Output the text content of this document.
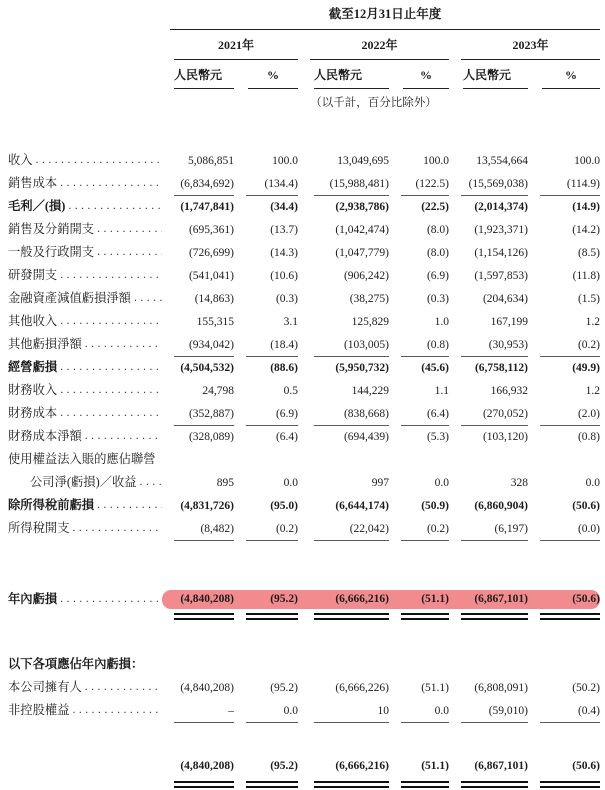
截至12月31日止年度
2021年	2022年	2023年
人民幣元	%	人民幣元	%	人民幣元	%
（以千計，百分比除外）
收入 .....	5,086,851	100.0	13,049,695	100.0	13,554,664	100.0
銷售成本 .....	(6,834,692)	(134.4)	(15,988,481)	(122.5)	(15,569,038)	(114.9)
毛利／(損) .....	(1,747,841)	(34.4)	(2,938,786)	(22.5)	(2,014,374)	(14.9)
銷售及分銷開支 .....	(695,361)	(13.7)	(1,042,474)	(8.0)	(1,923,371)	(14.2)
一般及行政開支 .....	(726,699)	(14.3)	(1,047,779)	(8.0)	(1,154,126)	(8.5)
研發開支 .....	(541,041)	(10.6)	(906,242)	(6.9)	(1,597,853)	(11.8)
金融資產減值虧損淨額 .....	(14,863)	(0.3)	(38,275)	(0.3)	(204,634)	(1.5)
其他收入 .....	155,315	3.1	125,829	1.0	167,199	1.2
其他虧損淨額 .....	(934,042)	(18.4)	(103,005)	(0.8)	(30,953)	(0.2)
經營虧損 .....	(4,504,532)	(88.6)	(5,950,732)	(45.6)	(6,758,112)	(49.9)
財務收入 .....	24,798	0.5	144,229	1.1	166,932	1.2
財務成本 .....	(352,887)	(6.9)	(838,668)	(6.4)	(270,052)	(2.0)
財務成本淨額 .....	(328,089)	(6.4)	(694,439)	(5.3)	(103,120)	(0.8)
使用權益法入賬的應佔聯營
公司淨(虧損)／收益 .....	895	0.0	997	0.0	328	0.0
除所得稅前虧損 .....	(4,831,726)	(95.0)	(6,644,174)	(50.9)	(6,860,904)	(50.6)
所得稅開支 .....	(8,482)	(0.2)	(22,042)	(0.2)	(6,197)	(0.0)
年內虧損 .....	(4,840,208)	(95.2)	(6,666,216)	(51.1)	(6,867,101)	(50.6)
以下各項應佔年內虧損：
本公司擁有人 .....	(4,840,208)	(95.2)	(6,666,226)	(51.1)	(6,808,091)	(50.2)
非控股權益 .....	–	0.0	10	0.0	(59,010)	(0.4)
(4,840,208)	(95.2)	(6,666,216)	(51.1)	(6,867,101)	(50.6)
